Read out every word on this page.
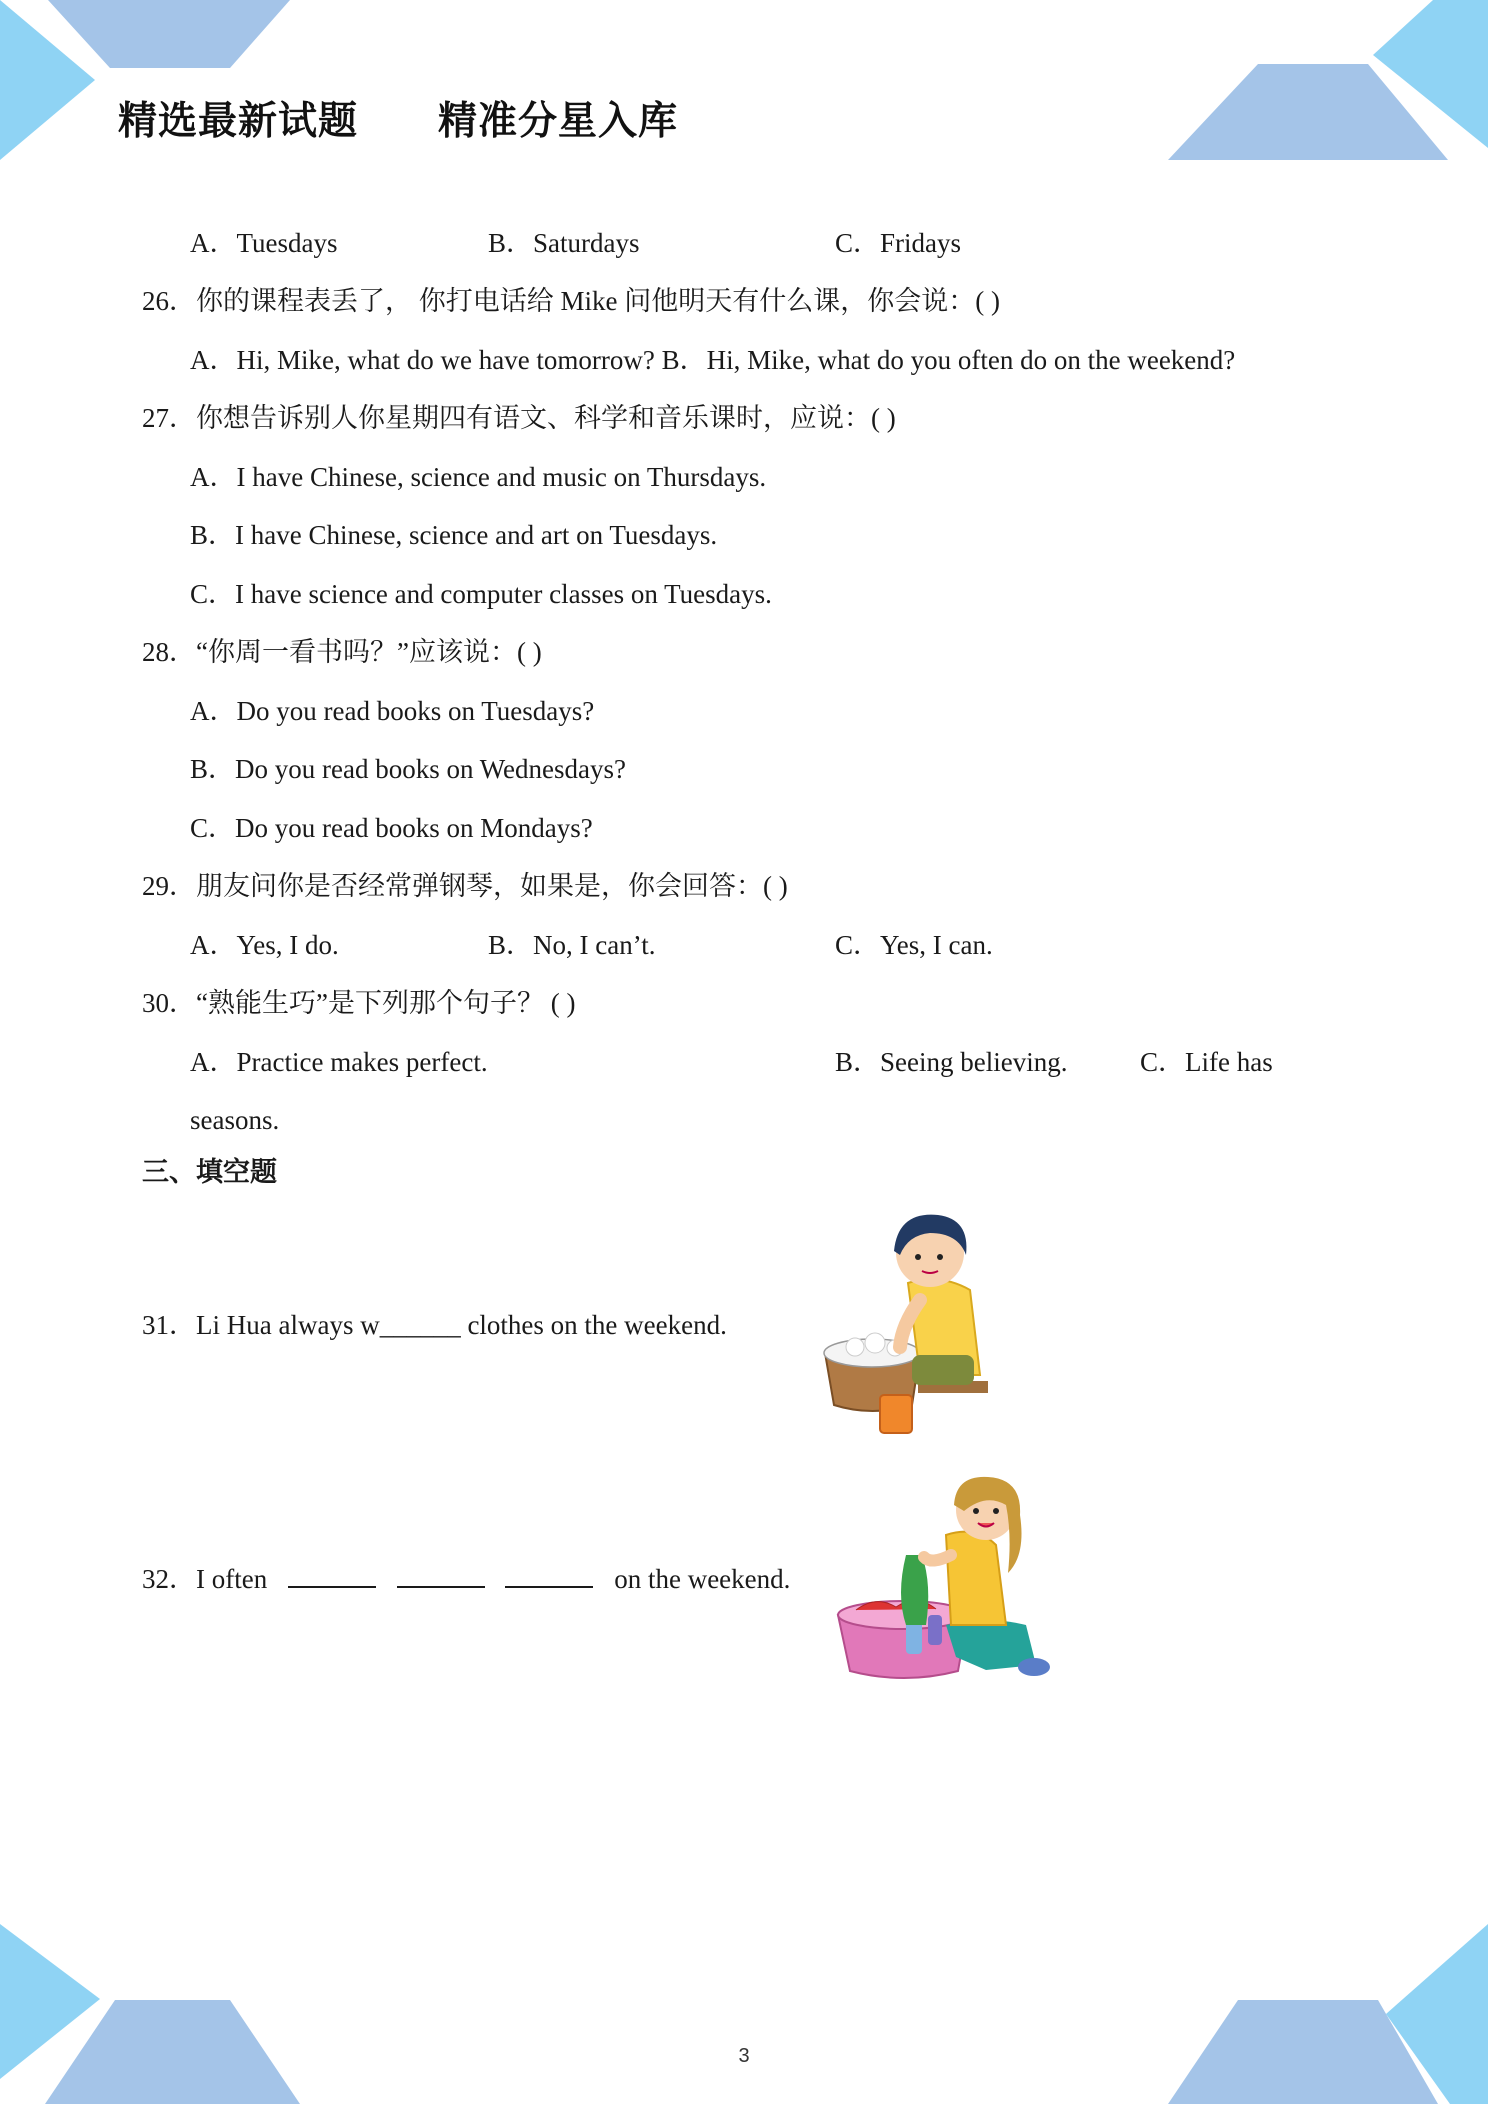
精选最新试题　　精准分星入库
A．Tuesdays	B．Saturdays	C．Fridays
26．你的课程表丢了， 你打电话给 Mike 问他明天有什么课，你会说：( )
A．Hi, Mike, what do we have tomorrow? B．Hi, Mike, what do you often do on the weekend?
27．你想告诉别人你星期四有语文、科学和音乐课时，应说：( )
A．I have Chinese, science and music on Thursdays.
B．I have Chinese, science and art on Tuesdays.
C．I have science and computer classes on Tuesdays.
28．“你周一看书吗？”应该说：( )
A．Do you read books on Tuesdays?
B．Do you read books on Wednesdays?
C．Do you read books on Mondays?
29．朋友问你是否经常弹钢琴，如果是，你会回答：( )
A．Yes, I do.	B．No, I can’t.	C．Yes, I can.
30．“熟能生巧”是下列那个句子？ ( )
A．Practice makes perfect.	B．Seeing believing.	C．Life has
seasons.
三、填空题
31．Li Hua always w______ clothes on the weekend.
32．I often	on the weekend.
3
